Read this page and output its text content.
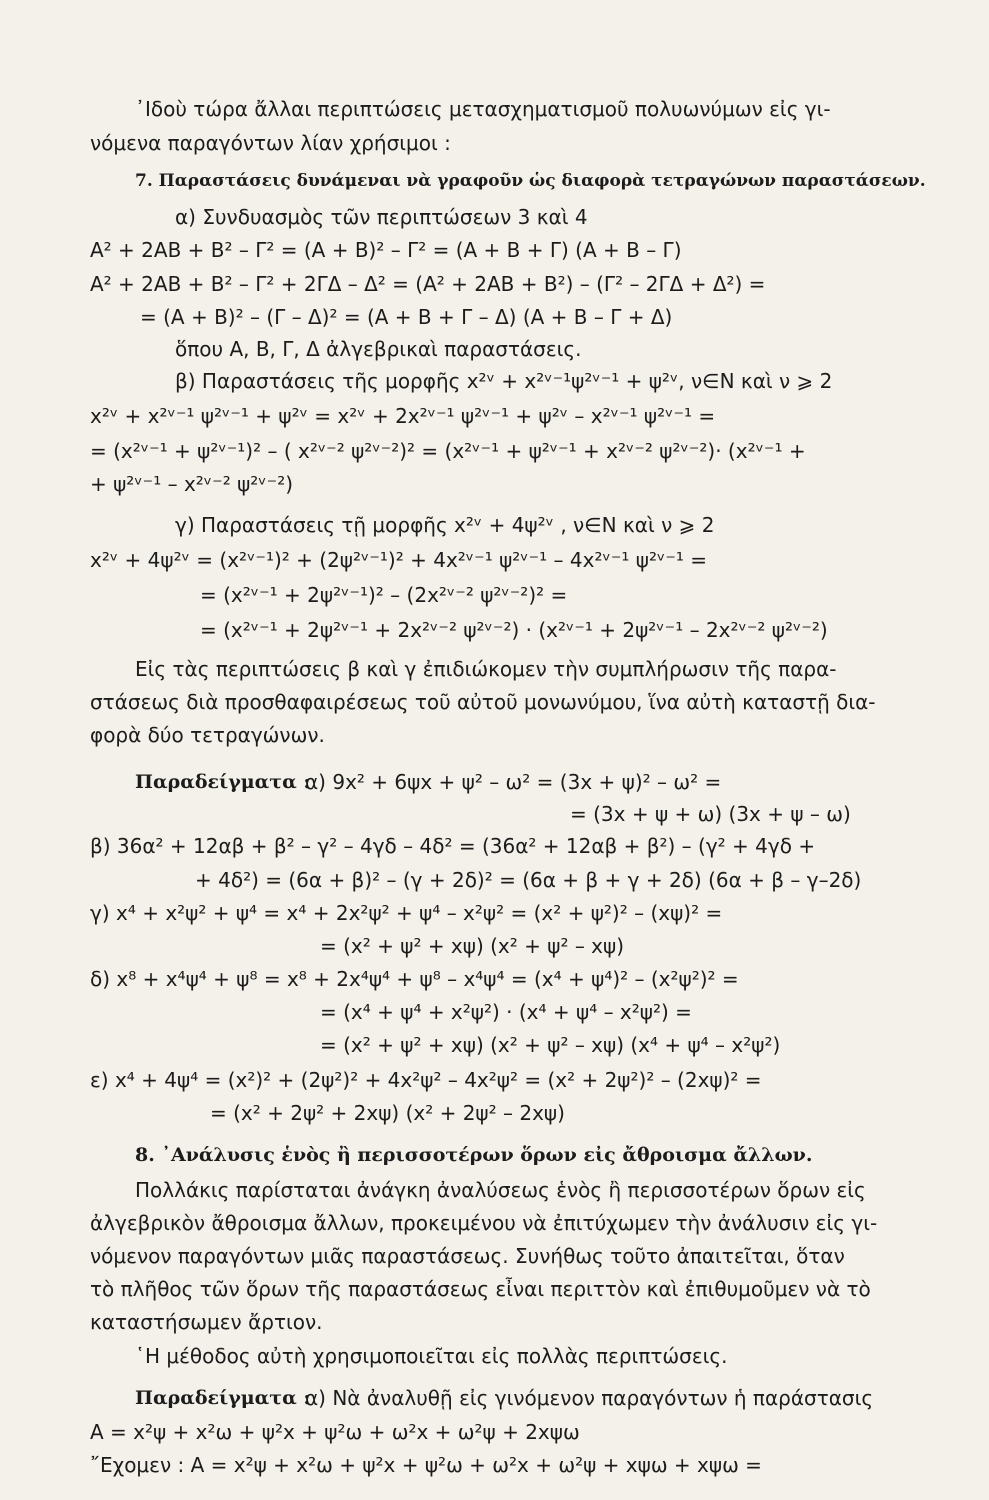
᾿Ιδοὺ τώρα ἄλλαι περιπτώσεις μετασχηματισμοῦ πολυωνύμων εἰς γι-
νόμενα παραγόντων λίαν χρήσιμοι :
7. Παραστάσεις δυνάμεναι νὰ γραφοῦν ὡς διαφορὰ τετραγώνων παραστάσεων.
α) Συνδυασμὸς τῶν περιπτώσεων 3 καὶ 4
A² + 2AB + B² – Γ² = (A + B)² – Γ² = (A + B + Γ) (A + B – Γ)
A² + 2AB + B² – Γ² + 2ΓΔ – Δ² = (A² + 2AB + B²) – (Γ² – 2ΓΔ + Δ²) =
= (A + B)² – (Γ – Δ)² = (A + B + Γ – Δ) (A + B – Γ + Δ)
ὅπου A, B, Γ, Δ ἀλγεβρικαὶ παραστάσεις.
β) Παραστάσεις τῆς μορφῆς x²ᵛ + x²ᵛ⁻¹ψ²ᵛ⁻¹ + ψ²ᵛ, ν∈N καὶ ν ⩾ 2
x²ᵛ + x²ᵛ⁻¹ ψ²ᵛ⁻¹ + ψ²ᵛ = x²ᵛ + 2x²ᵛ⁻¹ ψ²ᵛ⁻¹ + ψ²ᵛ – x²ᵛ⁻¹ ψ²ᵛ⁻¹ =
= (x²ᵛ⁻¹ + ψ²ᵛ⁻¹)² – ( x²ᵛ⁻² ψ²ᵛ⁻²)² = (x²ᵛ⁻¹ + ψ²ᵛ⁻¹ + x²ᵛ⁻² ψ²ᵛ⁻²)· (x²ᵛ⁻¹ +
+ ψ²ᵛ⁻¹ – x²ᵛ⁻² ψ²ᵛ⁻²)
γ) Παραστάσεις τῇ μορφῆς x²ᵛ + 4ψ²ᵛ , ν∈N καὶ ν ⩾ 2
x²ᵛ + 4ψ²ᵛ = (x²ᵛ⁻¹)² + (2ψ²ᵛ⁻¹)² + 4x²ᵛ⁻¹ ψ²ᵛ⁻¹ – 4x²ᵛ⁻¹ ψ²ᵛ⁻¹ =
= (x²ᵛ⁻¹ + 2ψ²ᵛ⁻¹)² – (2x²ᵛ⁻² ψ²ᵛ⁻²)² =
= (x²ᵛ⁻¹ + 2ψ²ᵛ⁻¹ + 2x²ᵛ⁻² ψ²ᵛ⁻²) · (x²ᵛ⁻¹ + 2ψ²ᵛ⁻¹ – 2x²ᵛ⁻² ψ²ᵛ⁻²)
Εἰς τὰς περιπτώσεις β καὶ γ ἐπιδιώκομεν τὴν συμπλήρωσιν τῆς παρα-
στάσεως διὰ προσθαφαιρέσεως τοῦ αὐτοῦ μονωνύμου, ἵνα αὐτὴ καταστῇ δια-
φορὰ δύο τετραγώνων.
Παραδείγματα :
α) 9x² + 6ψx + ψ² – ω² = (3x + ψ)² – ω² =
= (3x + ψ + ω) (3x + ψ – ω)
β) 36α² + 12αβ + β² – γ² – 4γδ – 4δ² = (36α² + 12αβ + β²) – (γ² + 4γδ +
+ 4δ²) = (6α + β)² – (γ + 2δ)² = (6α + β + γ + 2δ) (6α + β – γ–2δ)
γ) x⁴ + x²ψ² + ψ⁴ = x⁴ + 2x²ψ² + ψ⁴ – x²ψ² = (x² + ψ²)² – (xψ)² =
= (x² + ψ² + xψ) (x² + ψ² – xψ)
δ) x⁸ + x⁴ψ⁴ + ψ⁸ = x⁸ + 2x⁴ψ⁴ + ψ⁸ – x⁴ψ⁴ = (x⁴ + ψ⁴)² – (x²ψ²)² =
= (x⁴ + ψ⁴ + x²ψ²) · (x⁴ + ψ⁴ – x²ψ²) =
= (x² + ψ² + xψ) (x² + ψ² – xψ) (x⁴ + ψ⁴ – x²ψ²)
ε) x⁴ + 4ψ⁴ = (x²)² + (2ψ²)² + 4x²ψ² – 4x²ψ² = (x² + 2ψ²)² – (2xψ)² =
= (x² + 2ψ² + 2xψ) (x² + 2ψ² – 2xψ)
8. ᾿Ανάλυσις ἑνὸς ἢ περισσοτέρων ὅρων εἰς ἄθροισμα ἄλλων.
Πολλάκις παρίσταται ἀνάγκη ἀναλύσεως ἑνὸς ἢ περισσοτέρων ὅρων εἰς
ἀλγεβρικὸν ἄθροισμα ἄλλων, προκειμένου νὰ ἐπιτύχωμεν τὴν ἀνάλυσιν εἰς γι-
νόμενον παραγόντων μιᾶς παραστάσεως. Συνήθως τοῦτο ἀπαιτεῖται, ὅταν
τὸ πλῆθος τῶν ὅρων τῆς παραστάσεως εἶναι περιττὸν καὶ ἐπιθυμοῦμεν νὰ τὸ
καταστήσωμεν ἄρτιον.
῾Η μέθοδος αὐτὴ χρησιμοποιεῖται εἰς πολλὰς περιπτώσεις.
Παραδείγματα :
α) Νὰ ἀναλυθῇ εἰς γινόμενον παραγόντων ἡ παράστασις
A = x²ψ + x²ω + ψ²x + ψ²ω + ω²x + ω²ψ + 2xψω
῎Εχομεν : A = x²ψ + x²ω + ψ²x + ψ²ω + ω²x + ω²ψ + xψω + xψω =
